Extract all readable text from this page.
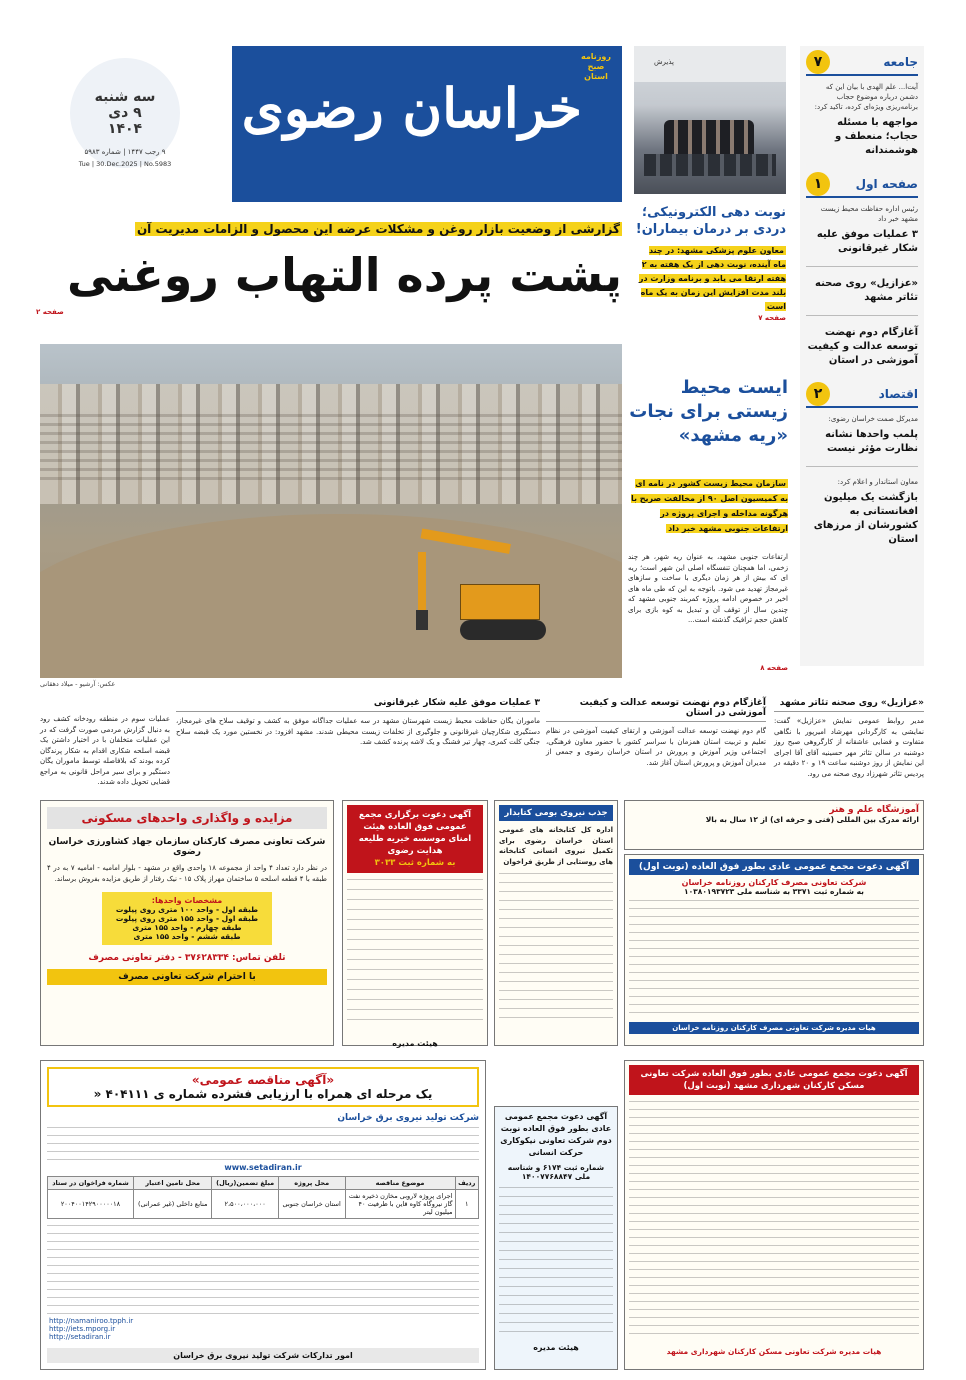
روزنامه صبح استان
خراسان رضوی
سه شنبه
۹ دی
۱۴۰۴
۹ رجب ۱۴۴۷ | شماره ۵۹۸۳
Tue | 30.Dec.2025 | No.5983
جامعه
۷
آیت‌ا... علم الهدی با بیان این که دشمن درباره موضوع حجاب برنامه‌ریزی ویژه‌ای کرده، تاکید کرد:
مواجهه با مسئله حجاب؛ منعطف و هوشمندانه
صفحه اول
۱
رئیس اداره حفاظت محیط زیست مشهد خبر داد
۳ عملیات موفق علیه شکار غیرقانونی
«عزازیل» روی صحنه تئاتر مشهد
آغازگام دوم نهضت توسعه عدالت و کیفیت آموزشی در استان
اقتصاد
۲
مدیرکل صمت خراسان رضوی:
پلمب واحدها نشانه نظارت مؤثر نیست
معاون استاندار و اعلام کرد:
بازگشت یک میلیون افغانستانی به کشورشان از مرزهای استان
پذیرش
نوبت دهی الکترونیکی؛ دردی بر درمان بیماران!
معاون علوم پزشکی مشهد: در چند ماه آینده، نوبت دهی از یک هفته به ۲ هفته ارتقا می یابد و برنامه وزارت در بلند مدت افزایش این زمان به یک ماه است
صفحه ۷
گزارشی از وضعیت بازار روغن و مشکلات عرضه این محصول و الزامات مدیریت آن
پشت پرده التهاب روغنی
صفحه ۲
عکس: آرشیو - میلاد دهقانی
ایست محیط زیستی برای نجات «ریه مشهد»
سازمان محیط زیست کشور در نامه ای به کمیسیون اصل ۹۰ از مخالفت صریح با هرگونه مداخله و اجرای پروژه در ارتفاعات جنوبی مشهد خبر داد
ارتفاعات جنوبی مشهد، به عنوان ریه شهر، هر چند زخمی، اما همچنان تنفسگاه اصلی این شهر است؛ ریه ای که بیش از هر زمان دیگری با ساخت و سازهای غیرمجاز تهدید می شود. باتوجه به این که طی ماه های اخیر در خصوص ادامه پروژه کمربند جنوبی مشهد که چندین سال از توقف آن و تبدیل به کوه بازی برای کاهش حجم ترافیک گذشته است...
صفحه ۸
«عزازیل» روی صحنه تئاتر مشهد
مدیر روابط عمومی نمایش «عزازیل» گفت: نمایشی به کارگردانی مهرشاد امیرپور با نگاهی متفاوت و فضایی عاشقانه از کارگروهی صبح روز دوشنبه در سالن تئاتر مهر حسینیه آقای آقا اجرای این نمایش از روز دوشنبه ساعت ۱۹ و ۲۰ دقیقه در پردیس تئاتر شهرزاد روی صحنه می رود.
آغازگام دوم نهضت توسعه عدالت و کیفیت آموزشی در استان
گام دوم نهضت توسعه عدالت آموزشی و ارتقای کیفیت آموزشی در نظام تعلیم و تربیت استان همزمان با سراسر کشور با حضور معاون فرهنگی، اجتماعی وزیر آموزش و پرورش در استان خراسان رضوی و جمعی از مدیران آموزش و پرورش استان آغاز شد.
۳ عملیات موفق علیه شکار غیرقانونی
ماموران یگان حفاظت محیط زیست شهرستان مشهد در سه عملیات جداگانه موفق به کشف و توقیف سلاح های غیرمجاز، دستگیری شکارچیان غیرقانونی و جلوگیری از تخلفات زیست محیطی شدند. مشهد افزود: در نخستین مورد یک قبضه سلاح جنگی کلت کمری، چهار تیر فشنگ و یک لاشه پرنده کشف شد.
عملیات سوم در منطقه رودخانه کشف رود به دنبال گزارش مردمی صورت گرفت که در این عملیات متخلفان با در اختیار داشتن یک قبضه اسلحه شکاری اقدام به شکار پرندگان کرده بودند که بلافاصله توسط ماموران یگان دستگیر و برای سیر مراحل قانونی به مراجع قضایی تحویل داده شدند.
مزایده و واگذاری واحدهای مسکونی
شرکت تعاونی مصرف کارکنان سازمان جهاد کشاورزی خراسان رضوی
در نظر دارد تعداد ۴ واحد از مجموعه ۱۸ واحدی واقع در مشهد - بلوار امامیه - امامیه ۷ به در ۴ طبقه با ۴ قطعه اسلحه ۵ ساختمان مهراز پلاک ۱۵ - نیک رفتار از طریق مزایده بفروش برساند.
مشخصات واحدها:
طبقه اول - واحد ۱۰۰ متری روی پیلوت
طبقه اول - واحد ۱۵۵ متری روی پیلوت
طبقه چهارم - واحد ۱۵۵ متری
طبقه ششم - واحد ۱۵۵ متری
تلفن تماس: ۳۷۶۲۸۳۳۴ - دفتر تعاونی مصرف
با احترام شرکت تعاونی مصرف
آگهی دعوت برگزاری مجمع عمومی فوق العاده هیئت امنای موسسه خیریه طلیعه هدایت رضوی
به شماره ثبت ۳۰۳۳
هیئت مدیره
جذب نیروی بومی کتابدار
اداره کل کتابخانه های عمومی استان خراسان رضوی برای تکمیل نیروی انسانی کتابخانه های روستایی از طریق فراخوان
آموزشگاه علم و هنر
ارائه مدرک بین المللی (فنی و حرفه ای) از ۱۲ سال به بالا
آگهی دعوت مجمع عمومی عادی بطور فوق العاده (نوبت اول)
شرکت تعاونی مصرف کارکنان روزنامه خراسان
به شماره ثبت ۳۳۷۱ به شناسه ملی ۱۰۳۸۰۱۹۳۷۲۳
هیات مدیره شرکت تعاونی مصرف کارکنان روزنامه خراسان
«آگهی مناقصه عمومی»
یک مرحله ای همراه با ارزیابی فشرده شماره ی ۴۰۴۱۱۱ «
شرکت تولید نیروی برق خراسان
www.setadiran.ir
ردیف	موضوع مناقصه	محل پروژه	مبلغ تضمین(ریال)	محل تامین اعتبار	شماره فراخوان در ستاد
۱	اجرای پروژه لاروبی مخازن ذخیره نفت گاز نیروگاه کاوه قاین با ظرفیت ۴۰ میلیون لیتر	استان خراسان جنوبی	۲،۵۰۰،۰۰۰،۰۰۰	منابع داخلی (غیر عمرانی)	۲۰۰۴۰۰۱۴۲۹۰۰۰۰۰۱۸
http://namaniroo.tpph.ir
http://iets.mporg.ir
http://setadiran.ir
امور تدارکات شرکت تولید نیروی برق خراسان
آگهی دعوت مجمع عمومی عادی بطور فوق العاده نوبت دوم شرکت تعاونی نیکوکاری حرکت انسانی
شماره ثبت ۶۱۷۴ و شناسه ملی ۱۴۰۰۷۷۶۸۸۴۷
هیئت مدیره
آگهی دعوت مجمع عمومی عادی بطور فوق العاده شرکت تعاونی مسکن کارکنان شهرداری مشهد (نوبت اول)
هیات مدیره شرکت تعاونی مسکن کارکنان شهرداری مشهد
